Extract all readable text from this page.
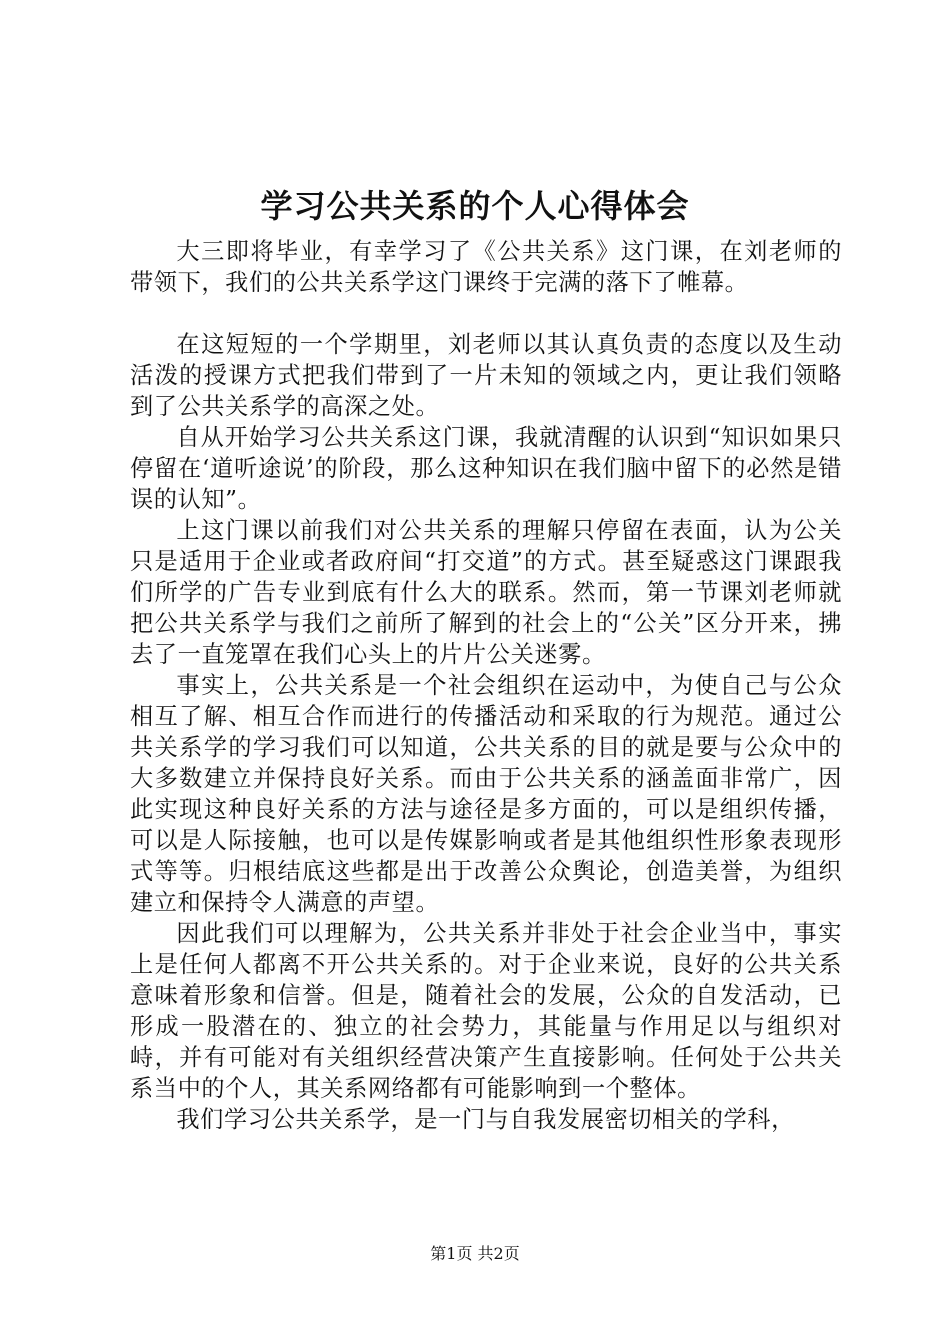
学习公共关系的个人心得体会

大三即将毕业，有幸学习了《公共关系》这门课，在刘老师的带领下，我们的公共关系学这门课终于完满的落下了帷幕。

在这短短的一个学期里，刘老师以其认真负责的态度以及生动活泼的授课方式把我们带到了一片未知的领域之内，更让我们领略到了公共关系学的高深之处。

自从开始学习公共关系这门课，我就清醒的认识到“知识如果只停留在‘道听途说’的阶段，那么这种知识在我们脑中留下的必然是错误的认知”。

上这门课以前我们对公共关系的理解只停留在表面，认为公关只是适用于企业或者政府间“打交道”的方式。甚至疑惑这门课跟我们所学的广告专业到底有什么大的联系。然而，第一节课刘老师就把公共关系学与我们之前所了解到的社会上的“公关”区分开来，拂去了一直笼罩在我们心头上的片片公关迷雾。

事实上，公共关系是一个社会组织在运动中，为使自己与公众相互了解、相互合作而进行的传播活动和采取的行为规范。通过公共关系学的学习我们可以知道，公共关系的目的就是要与公众中的大多数建立并保持良好关系。而由于公共关系的涵盖面非常广，因此实现这种良好关系的方法与途径是多方面的，可以是组织传播，可以是人际接触，也可以是传媒影响或者是其他组织性形象表现形式等等。归根结底这些都是出于改善公众舆论，创造美誉，为组织建立和保持令人满意的声望。

因此我们可以理解为，公共关系并非处于社会企业当中，事实上是任何人都离不开公共关系的。对于企业来说，良好的公共关系意味着形象和信誉。但是，随着社会的发展，公众的自发活动，已形成一股潜在的、独立的社会势力，其能量与作用足以与组织对峙，并有可能对有关组织经营决策产生直接影响。任何处于公共关系当中的个人，其关系网络都有可能影响到一个整体。

我们学习公共关系学，是一门与自我发展密切相关的学科，

第1页 共2页
